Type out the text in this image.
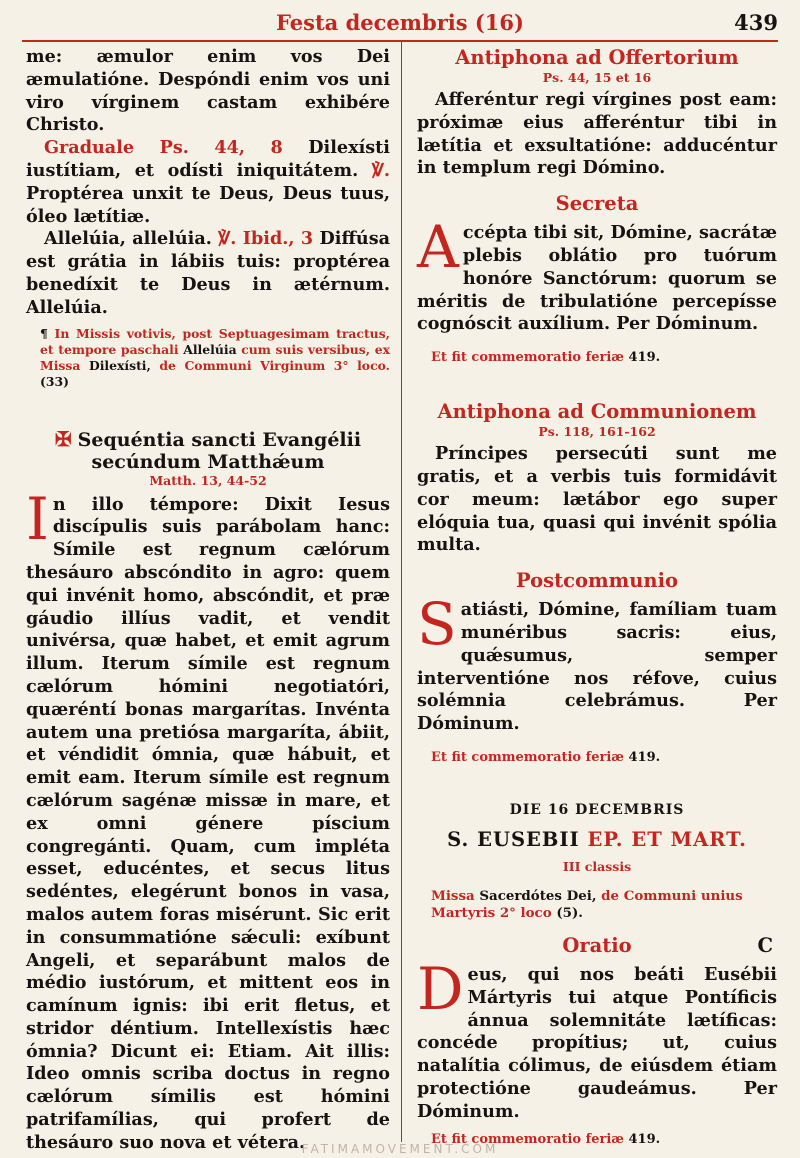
Festa decembris (16)	439

me: æmulor enim vos Dei æmulatióne. Despóndi enim vos uni viro vírginem castam exhibére Christo.

Graduale Ps. 44, 8 Dilexísti iustítiam, et odísti iniquitátem. ℣. Proptérea unxit te Deus, Deus tuus, óleo lætítiæ.

Allelúia, allelúia. ℣. Ibid., 3 Diffúsa est grátia in lábiis tuis: proptérea benedíxit te Deus in ætérnum. Allelúia.

¶ In Missis votivis, post Septuagesimam tractus, et tempore paschali Allelúia cum suis versibus, ex Missa Dilexísti, de Communi Virginum 3° loco. (33)

✠ Sequéntia sancti Evangélii secúndum Matthǽum

Matth. 13, 44-52

In illo témpore: Dixit Iesus discípulis suis parábolam hanc: Símile est regnum cælórum thesáuro abscóndito in agro: quem qui invénit homo, abscóndit, et præ gáudio illíus vadit, et vendit univérsa, quæ habet, et emit agrum illum. Iterum símile est regnum cælórum hómini negotiatóri, quæréntí bonas margarítas. Invénta autem una pretiósa margaríta, ábiit, et véndidit ómnia, quæ hábuit, et emit eam. Iterum símile est regnum cælórum sagénæ missæ in mare, et ex omni génere píscium congregánti. Quam, cum impléta esset, educéntes, et secus litus sedéntes, elegérunt bonos in vasa, malos autem foras misérunt. Sic erit in consummatióne sǽculi: exíbunt Angeli, et separábunt malos de médio iustórum, et mittent eos in camínum ignis: ibi erit fletus, et stridor déntium. Intellexístis hæc ómnia? Dicunt ei: Etiam. Ait illis: Ideo omnis scriba doctus in regno cælórum símilis est hómini patrifamílias, qui profert de thesáuro suo nova et vétera.

Antiphona ad Offertorium

Ps. 44, 15 et 16

Afferéntur regi vírgines post eam: próximæ eius afferéntur tibi in lætítia et exsultatióne: adducéntur in templum regi Dómino.

Secreta

Accépta tibi sit, Dómine, sacrátæ plebis oblátio pro tuórum honóre Sanctórum: quorum se méritis de tribulatióne percepísse cognóscit auxílium. Per Dóminum.

Et fit commemoratio feriæ 419.

Antiphona ad Communionem

Ps. 118, 161-162

Príncipes persecúti sunt me gratis, et a verbis tuis formidávit cor meum: lætábor ego super elóquia tua, quasi qui invénit spólia multa.

Postcommunio

Satiásti, Dómine, famíliam tuam munéribus sacris: eius, quǽsumus, semper interventióne nos réfove, cuius solémnia celebrámus. Per Dóminum.

Et fit commemoratio feriæ 419.

DIE 16 DECEMBRIS

S. EUSEBII EP. ET MART.

III classis

Missa Sacerdótes Dei, de Communi unius Martyris 2° loco (5).

Oratio	C

Deus, qui nos beáti Eusébii Mártyris tui atque Pontíficis ánnua solemnitáte lætíficas: concéde propítius; ut, cuius natalítia cólimus, de eiúsdem étiam protectióne gaudeámus. Per Dóminum.

Et fit commemoratio feriæ 419.

FATIMAMOVEMENT.COM
